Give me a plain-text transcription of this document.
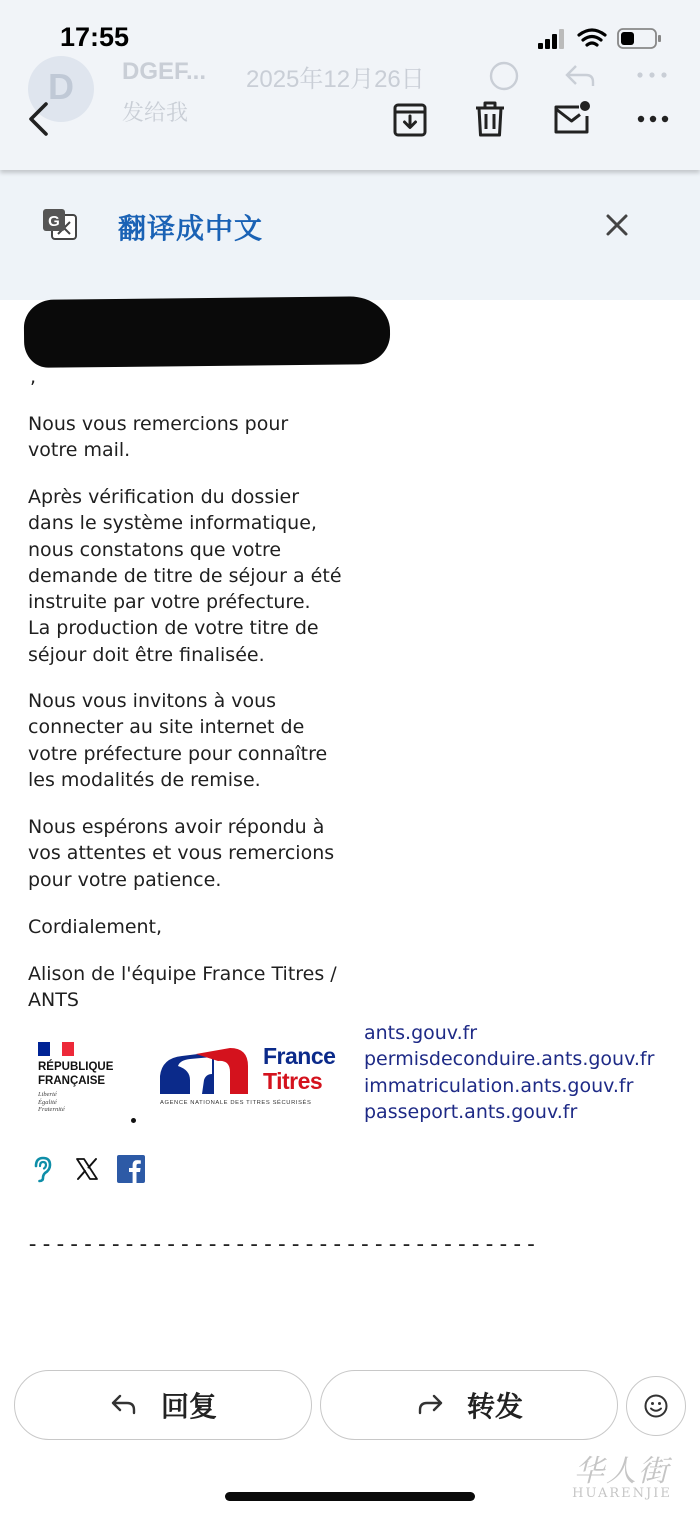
17:55
D	DGEF... 2025年12月26日
发给我
G 翻译成中文
,

Nous vous remercions pour
votre mail.

Après vérification du dossier
dans le système informatique,
nous constatons que votre
demande de titre de séjour a été
instruite par votre préfecture.
La production de votre titre de
séjour doit être finalisée.

Nous vous invitons à vous
connecter au site internet de
votre préfecture pour connaître
les modalités de remise.

Nous espérons avoir répondu à
vos attentes et vous remercions
pour votre patience.

Cordialement,

Alison de l'équipe France Titres /
ANTS

RÉPUBLIQUE
FRANÇAISE
Liberté
Égalité
Fraternité
France
Titres
AGENCE NATIONALE DES TITRES SÉCURISÉS
ants.gouv.fr
permisdeconduire.ants.gouv.fr
immatriculation.ants.gouv.fr
passeport.ants.gouv.fr
-------------------------------------
回复	转发
华人街
HUARENJIE
